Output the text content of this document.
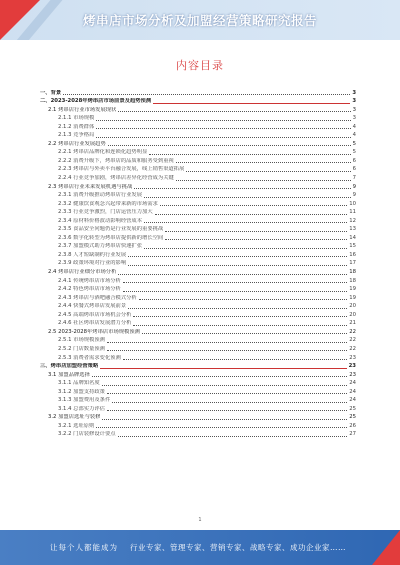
烤串店市场分析及加盟经营策略研究报告
内容目录
一、背景	3
二、2023-2028年烤串店市场前景及趋势预测	3
2.1 烤串店行业市场发展现状	3
2.1.1 市场规模	3
2.1.2 消费群体	4
2.1.3 竞争格局	4
2.2 烤串店行业发展趋势	5
2.2.1 烤串店品牌化和连锁化趋势明显	5
2.2.2 消费升级下，烤串店的品质和服务受到重视	6
2.2.3 烤串店与外卖平台融合发展，线上销售渠道拓展	6
2.2.4 行业竞争加剧，烤串店差异化经营成为关键	7
2.3 烤串店行业未来发展机遇与挑战	9
2.3.1 消费升级推动烤串店行业发展	9
2.3.2 健康饮食观念兴起带来新的市场需求	10
2.3.3 行业竞争激烈，门店运营压力加大	11
2.3.4 原材料价格波动影响经营成本	12
2.3.5 食品安全问题仍是行业发展的重要挑战	13
2.3.6 数字化转型为烤串店提供新的增长空间	14
2.3.7 加盟模式助力烤串店快速扩张	15
2.3.8 人才短缺制约行业发展	16
2.3.9 政策环境对行业的影响	17
2.4 烤串店行业细分市场分析	18
2.4.1 传统烤串店市场分析	18
2.4.2 特色烤串店市场分析	19
2.4.3 烤串店与酒吧融合模式分析	19
2.4.4 快餐式烤串店发展前景	20
2.4.5 高端烤串店市场机会分析	20
2.4.6 社区烤串店发展潜力分析	21
2.5 2023-2028年烤串店市场规模预测	22
2.5.1 市场规模预测	22
2.5.2 门店数量预测	22
2.5.3 消费者需求变化预测	23
三、烤串店加盟经营策略	23
3.1 加盟品牌选择	23
3.1.1 品牌知名度	24
3.1.2 加盟支持政策	24
3.1.3 加盟费用及条件	24
3.1.4 总部实力评估	25
3.2 加盟店选址与装修	25
3.2.1 选址原则	26
3.2.2 门店装修设计要点	27
1
让每个人都能成为 行业专家、管理专家、营销专家、战略专家、成功企业家……
